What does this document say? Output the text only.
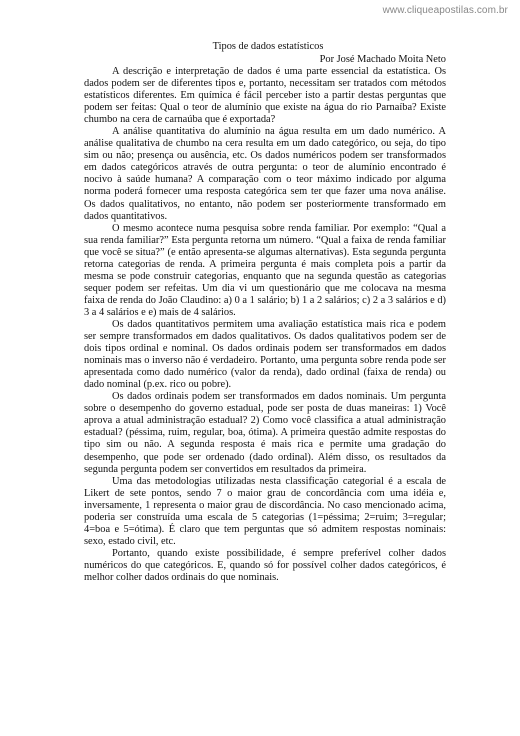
www.cliqueapostilas.com.br
Tipos de dados estatísticos
Por José Machado Moita Neto

A descrição e interpretação de dados é uma parte essencial da estatística. Os dados podem ser de diferentes tipos e, portanto, necessitam ser tratados com métodos estatísticos diferentes. Em química é fácil perceber isto a partir destas perguntas que podem ser feitas: Qual o teor de alumínio que existe na água do rio Parnaíba? Existe chumbo na cera de carnaúba que é exportada?

A análise quantitativa do alumínio na água resulta em um dado numérico. A análise qualitativa de chumbo na cera resulta em um dado categórico, ou seja, do tipo sim ou não; presença ou ausência, etc. Os dados numéricos podem ser transformados em dados categóricos através de outra pergunta: o teor de alumínio encontrado é nocivo à saúde humana? A comparação com o teor máximo indicado por alguma norma poderá fornecer uma resposta categórica sem ter que fazer uma nova análise. Os dados qualitativos, no entanto, não podem ser posteriormente transformado em dados quantitativos.

O mesmo acontece numa pesquisa sobre renda familiar. Por exemplo: “Qual a sua renda familiar?” Esta pergunta retorna um número. “Qual a faixa de renda familiar que você se situa?” (e então apresenta-se algumas alternativas). Esta segunda pergunta retorna categorias de renda. A primeira pergunta é mais completa pois a partir da mesma se pode construir categorias, enquanto que na segunda questão as categorias sequer podem ser refeitas. Um dia vi um questionário que me colocava na mesma faixa de renda do João Claudino: a) 0 a 1 salário; b) 1 a 2 salários; c) 2 a 3 salários e d) 3 a 4 salários e e) mais de 4 salários.

Os dados quantitativos permitem uma avaliação estatística mais rica e podem ser sempre transformados em dados qualitativos. Os dados qualitativos podem ser de dois tipos ordinal e nominal. Os dados ordinais podem ser transformados em dados nominais mas o inverso não é verdadeiro. Portanto, uma pergunta sobre renda pode ser apresentada como dado numérico (valor da renda), dado ordinal (faixa de renda) ou dado nominal (p.ex. rico ou pobre).

Os dados ordinais podem ser transformados em dados nominais. Um pergunta sobre o desempenho do governo estadual, pode ser posta de duas maneiras: 1) Você aprova a atual administração estadual? 2) Como você classifica a atual administração estadual? (péssima, ruim, regular, boa, ótima). A primeira questão admite respostas do tipo sim ou não. A segunda resposta é mais rica e permite uma gradação do desempenho, que pode ser ordenado (dado ordinal). Além disso, os resultados da segunda pergunta podem ser convertidos em resultados da primeira.

Uma das metodologias utilizadas nesta classificação categorial é a escala de Likert de sete pontos, sendo 7 o maior grau de concordância com uma idéia e, inversamente, 1 representa o maior grau de discordância. No caso mencionado acima, poderia ser construída uma escala de 5 categorias (1=péssima; 2=ruim; 3=regular; 4=boa e 5=ótima). É claro que tem perguntas que só admitem respostas nominais: sexo, estado civil, etc.

Portanto, quando existe possibilidade, é sempre preferível colher dados numéricos do que categóricos. E, quando só for possível colher dados categóricos, é melhor colher dados ordinais do que nominais.
